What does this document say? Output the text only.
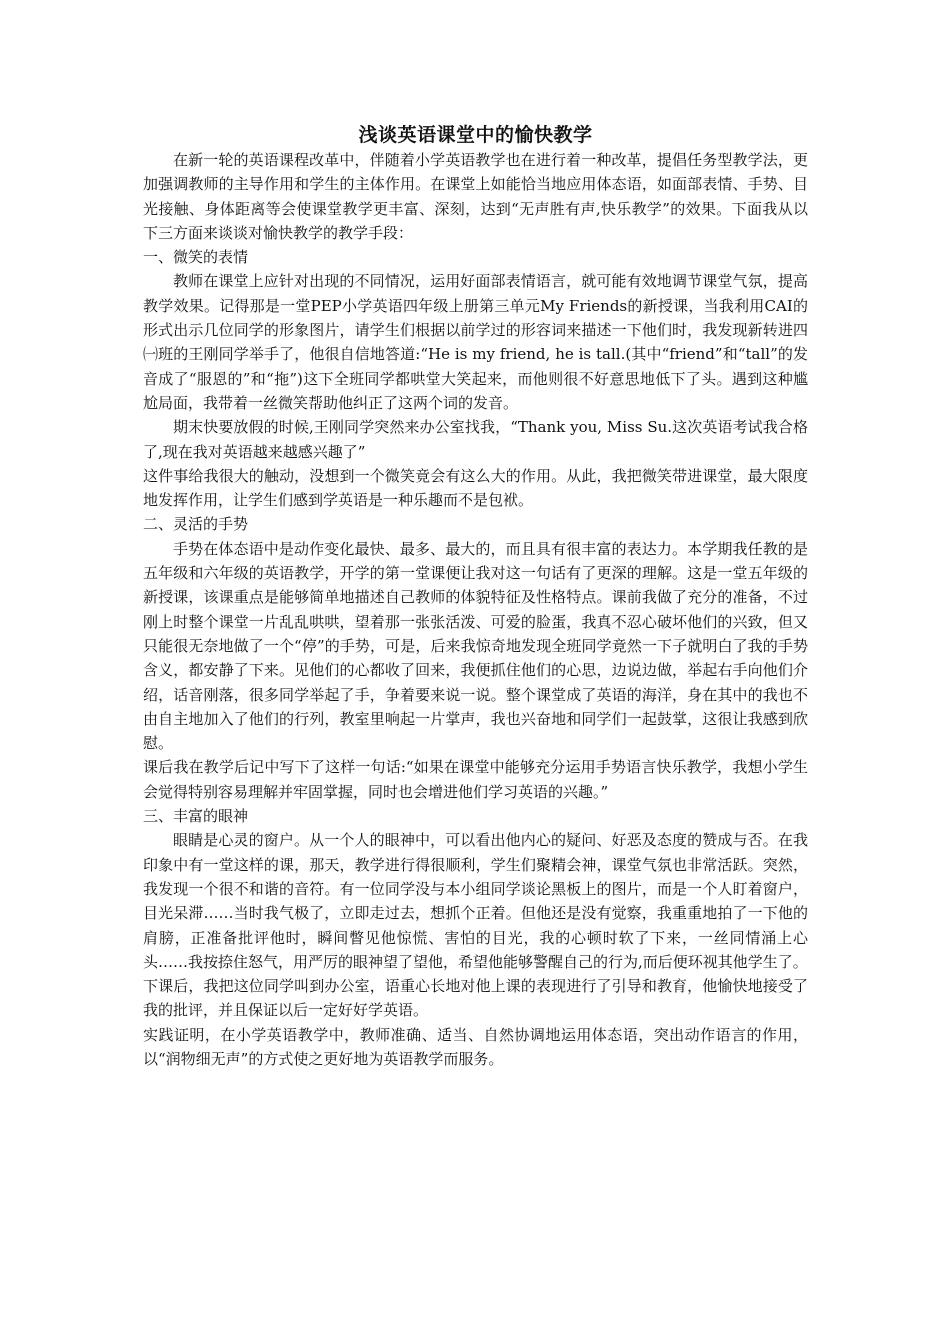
浅谈英语课堂中的愉快教学

在新一轮的英语课程改革中，伴随着小学英语教学也在进行着一种改革，提倡任务型教学法，更加强调教师的主导作用和学生的主体作用。在课堂上如能恰当地应用体态语，如面部表情、手势、目光接触、身体距离等会使课堂教学更丰富、深刻，达到“无声胜有声,快乐教学”的效果。下面我从以下三方面来谈谈对愉快教学的教学手段：

一、微笑的表情

教师在课堂上应针对出现的不同情况，运用好面部表情语言，就可能有效地调节课堂气氛，提高教学效果。记得那是一堂PEP小学英语四年级上册第三单元My Friends的新授课，当我利用CAI的形式出示几位同学的形象图片，请学生们根据以前学过的形容词来描述一下他们时，我发现新转进四㈠班的王刚同学举手了，他很自信地答道:“He is my friend, he is tall.(其中“friend”和“tall”的发音成了“服恩的”和“拖”)这下全班同学都哄堂大笑起来，而他则很不好意思地低下了头。遇到这种尴尬局面，我带着一丝微笑帮助他纠正了这两个词的发音。

期末快要放假的时候,王刚同学突然来办公室找我，“Thank you, Miss Su.这次英语考试我合格了,现在我对英语越来越感兴趣了”

这件事给我很大的触动，没想到一个微笑竟会有这么大的作用。从此，我把微笑带进课堂，最大限度地发挥作用，让学生们感到学英语是一种乐趣而不是包袱。

二、灵活的手势

手势在体态语中是动作变化最快、最多、最大的，而且具有很丰富的表达力。本学期我任教的是五年级和六年级的英语教学，开学的第一堂课便让我对这一句话有了更深的理解。这是一堂五年级的新授课，该课重点是能够简单地描述自己教师的体貌特征及性格特点。课前我做了充分的准备，不过刚上时整个课堂一片乱乱哄哄，望着那一张张活泼、可爱的脸蛋，我真不忍心破坏他们的兴致，但又只能很无奈地做了一个“停”的手势，可是，后来我惊奇地发现全班同学竟然一下子就明白了我的手势含义，都安静了下来。见他们的心都收了回来，我便抓住他们的心思，边说边做，举起右手向他们介绍，话音刚落，很多同学举起了手，争着要来说一说。整个课堂成了英语的海洋，身在其中的我也不由自主地加入了他们的行列，教室里响起一片掌声，我也兴奋地和同学们一起鼓掌，这很让我感到欣慰。

课后我在教学后记中写下了这样一句话:“如果在课堂中能够充分运用手势语言快乐教学，我想小学生会觉得特别容易理解并牢固掌握，同时也会增进他们学习英语的兴趣。”

三、丰富的眼神

眼睛是心灵的窗户。从一个人的眼神中，可以看出他内心的疑问、好恶及态度的赞成与否。在我印象中有一堂这样的课，那天，教学进行得很顺利，学生们聚精会神，课堂气氛也非常活跃。突然，我发现一个很不和谐的音符。有一位同学没与本小组同学谈论黑板上的图片，而是一个人盯着窗户，目光呆滞……当时我气极了，立即走过去，想抓个正着。但他还是没有觉察，我重重地拍了一下他的肩膀，正准备批评他时，瞬间瞥见他惊慌、害怕的目光，我的心顿时软了下来，一丝同情涌上心头……我按捺住怒气，用严厉的眼神望了望他，希望他能够警醒自己的行为,而后便环视其他学生了。

下课后，我把这位同学叫到办公室，语重心长地对他上课的表现进行了引导和教育，他愉快地接受了我的批评，并且保证以后一定好好学英语。

实践证明，在小学英语教学中，教师准确、适当、自然协调地运用体态语，突出动作语言的作用，以“润物细无声”的方式使之更好地为英语教学而服务。
